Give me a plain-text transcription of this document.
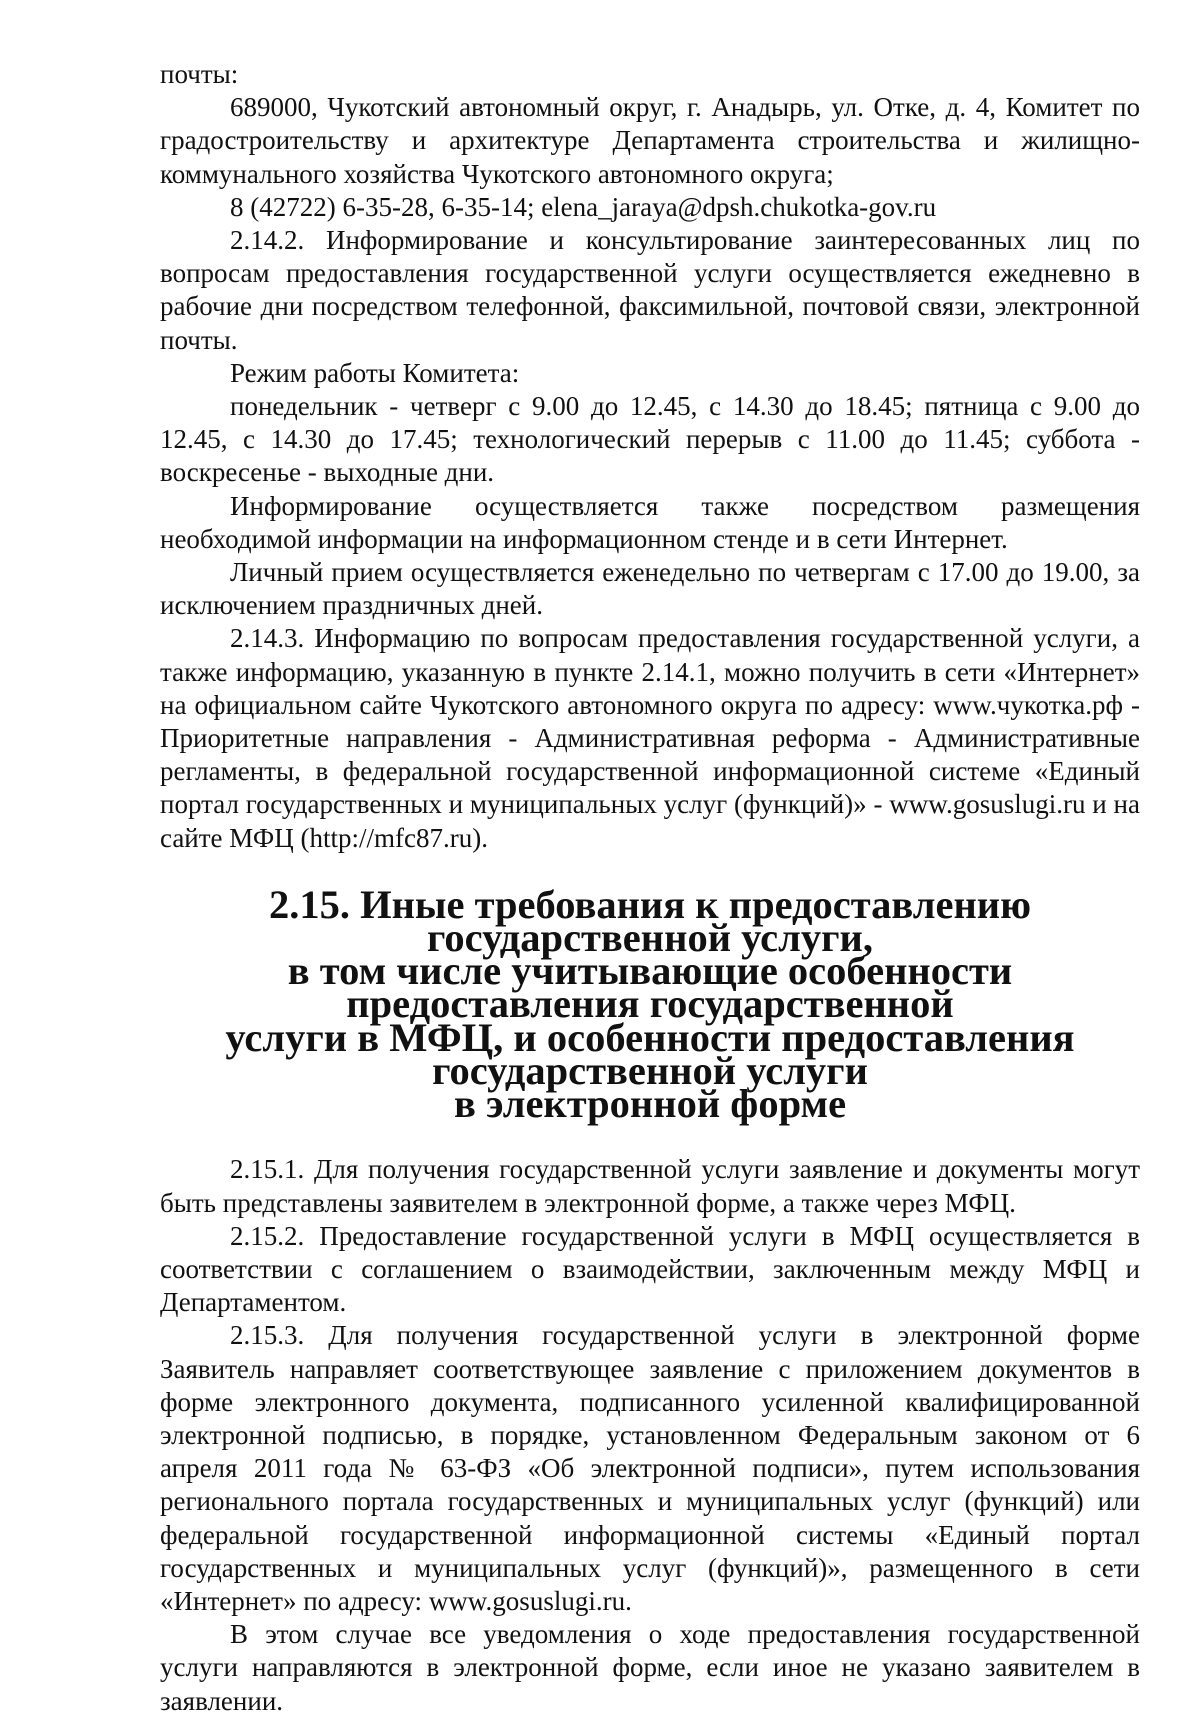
почты:

689000, Чукотский автономный округ, г. Анадырь, ул. Отке, д. 4, Комитет по градостроительству и архитектуре Департамента строительства и жилищно-коммунального хозяйства Чукотского автономного округа;

8 (42722) 6-35-28, 6-35-14; elena_jaraya@dpsh.chukotka-gov.ru

2.14.2. Информирование и консультирование заинтересованных лиц по вопросам предоставления государственной услуги осуществляется ежедневно в рабочие дни посредством телефонной, факсимильной, почтовой связи, электронной почты.

Режим работы Комитета:

понедельник - четверг с 9.00 до 12.45, с 14.30 до 18.45; пятница с 9.00 до 12.45, с 14.30 до 17.45; технологический перерыв с 11.00 до 11.45; суббота - воскресенье - выходные дни.

Информирование осуществляется также посредством размещения необходимой информации на информационном стенде и в сети Интернет.

Личный прием осуществляется еженедельно по четвергам с 17.00 до 19.00, за исключением праздничных дней.

2.14.3. Информацию по вопросам предоставления государственной услуги, а также информацию, указанную в пункте 2.14.1, можно получить в сети «Интернет» на официальном сайте Чукотского автономного округа по адресу: www.чукотка.рф - Приоритетные направления - Административная реформа - Административные регламенты, в федеральной государственной информационной системе «Единый портал государственных и муниципальных услуг (функций)» - www.gosuslugi.ru и на сайте МФЦ (http://mfc87.ru).

2.15. Иные требования к предоставлению государственной услуги,
в том числе учитывающие особенности предоставления государственной
услуги в МФЦ, и особенности предоставления государственной услуги
в электронной форме

2.15.1. Для получения государственной услуги заявление и документы могут быть представлены заявителем в электронной форме, а также через МФЦ.

2.15.2. Предоставление государственной услуги в МФЦ осуществляется в соответствии с соглашением о взаимодействии, заключенным между МФЦ и Департаментом.

2.15.3. Для получения государственной услуги в электронной форме Заявитель направляет соответствующее заявление с приложением документов в форме электронного документа, подписанного усиленной квалифицированной электронной подписью, в порядке, установленном Федеральным законом от 6 апреля 2011 года № 63-ФЗ «Об электронной подписи», путем использования регионального портала государственных и муниципальных услуг (функций) или федеральной государственной информационной системы «Единый портал государственных и муниципальных услуг (функций)», размещенного в сети «Интернет» по адресу: www.gosuslugi.ru.

В этом случае все уведомления о ходе предоставления государственной услуги направляются в электронной форме, если иное не указано заявителем в заявлении.
